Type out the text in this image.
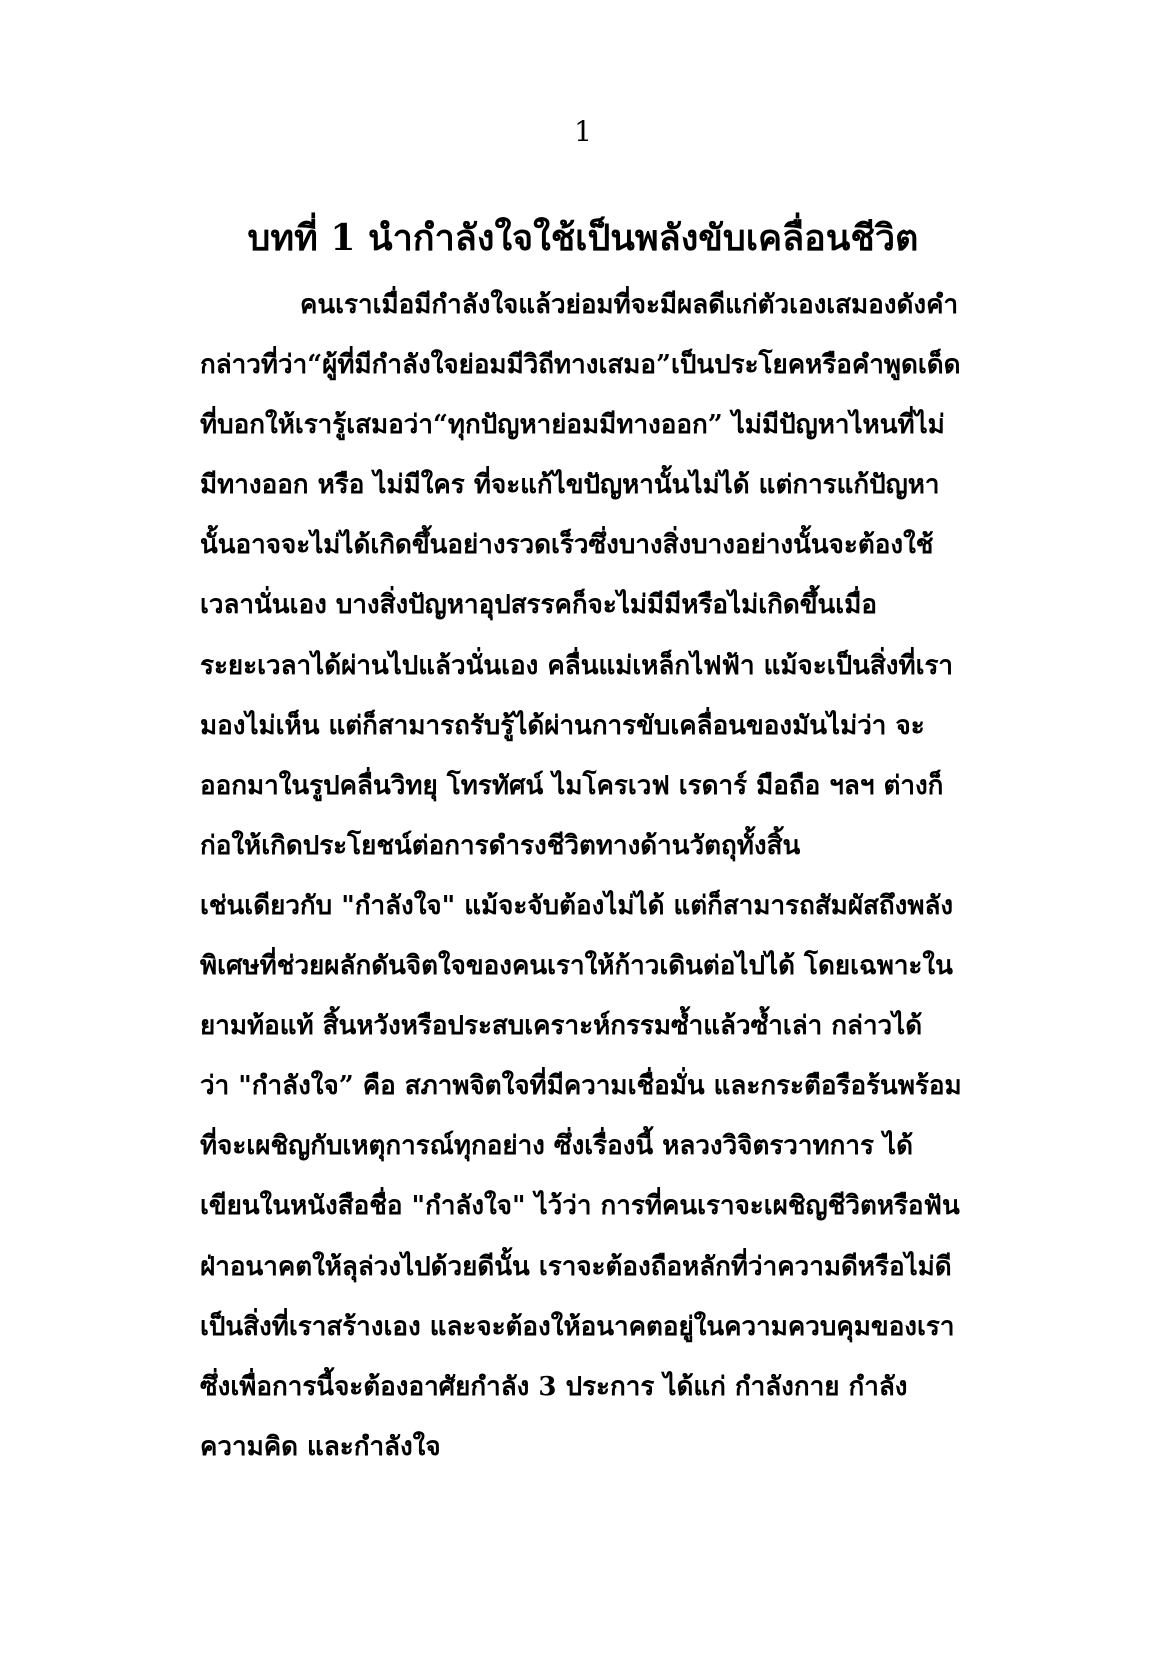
1
บทที่ 1 นำกำลังใจใช้เป็นพลังขับเคลื่อนชีวิต
คนเราเมื่อมีกำลังใจแล้วย่อมที่จะมีผลดีแก่ตัวเองเสมองดังคำ
กล่าวที่ว่า“ผู้ที่มีกำลังใจย่อมมีวิถีทางเสมอ”เป็นประโยคหรือคำพูดเด็ด
ที่บอกให้เรารู้เสมอว่า“ทุกปัญหาย่อมมีทางออก” ไม่มีปัญหาไหนที่ไม่
มีทางออก หรือ ไม่มีใคร ที่จะแก้ไขปัญหานั้นไม่ได้ แต่การแก้ปัญหา
นั้นอาจจะไม่ได้เกิดขึ้นอย่างรวดเร็วซึ่งบางสิ่งบางอย่างนั้นจะต้องใช้
เวลานั่นเอง บางสิ่งปัญหาอุปสรรคก็จะไม่มีมีหรือไม่เกิดขึ้นเมื่อ
ระยะเวลาได้ผ่านไปแล้วนั่นเอง คลื่นแม่เหล็กไฟฟ้า แม้จะเป็นสิ่งที่เรา
มองไม่เห็น แต่ก็สามารถรับรู้ได้ผ่านการขับเคลื่อนของมันไม่ว่า จะ
ออกมาในรูปคลื่นวิทยุ โทรทัศน์ ไมโครเวฟ เรดาร์ มือถือ ฯลฯ ต่างก็
ก่อให้เกิดประโยชน์ต่อการดำรงชีวิตทางด้านวัตถุทั้งสิ้น
เช่นเดียวกับ "กำลังใจ" แม้จะจับต้องไม่ได้ แต่ก็สามารถสัมผัสถึงพลัง
พิเศษที่ช่วยผลักดันจิตใจของคนเราให้ก้าวเดินต่อไปได้ โดยเฉพาะใน
ยามท้อแท้ สิ้นหวังหรือประสบเคราะห์กรรมซ้ำแล้วซ้ำเล่า กล่าวได้
ว่า "กำลังใจ” คือ สภาพจิตใจที่มีความเชื่อมั่น และกระตือรือร้นพร้อม
ที่จะเผชิญกับเหตุการณ์ทุกอย่าง ซึ่งเรื่องนี้ หลวงวิจิตรวาทการ ได้
เขียนในหนังสือชื่อ "กำลังใจ" ไว้ว่า การที่คนเราจะเผชิญชีวิตหรือฟัน
ฝ่าอนาคตให้ลุล่วงไปด้วยดีนั้น เราจะต้องถือหลักที่ว่าความดีหรือไม่ดี
เป็นสิ่งที่เราสร้างเอง และจะต้องให้อนาคตอยู่ในความควบคุมของเรา
ซึ่งเพื่อการนี้จะต้องอาศัยกำลัง 3 ประการ ได้แก่ กำลังกาย กำลัง
ความคิด และกำลังใจ
